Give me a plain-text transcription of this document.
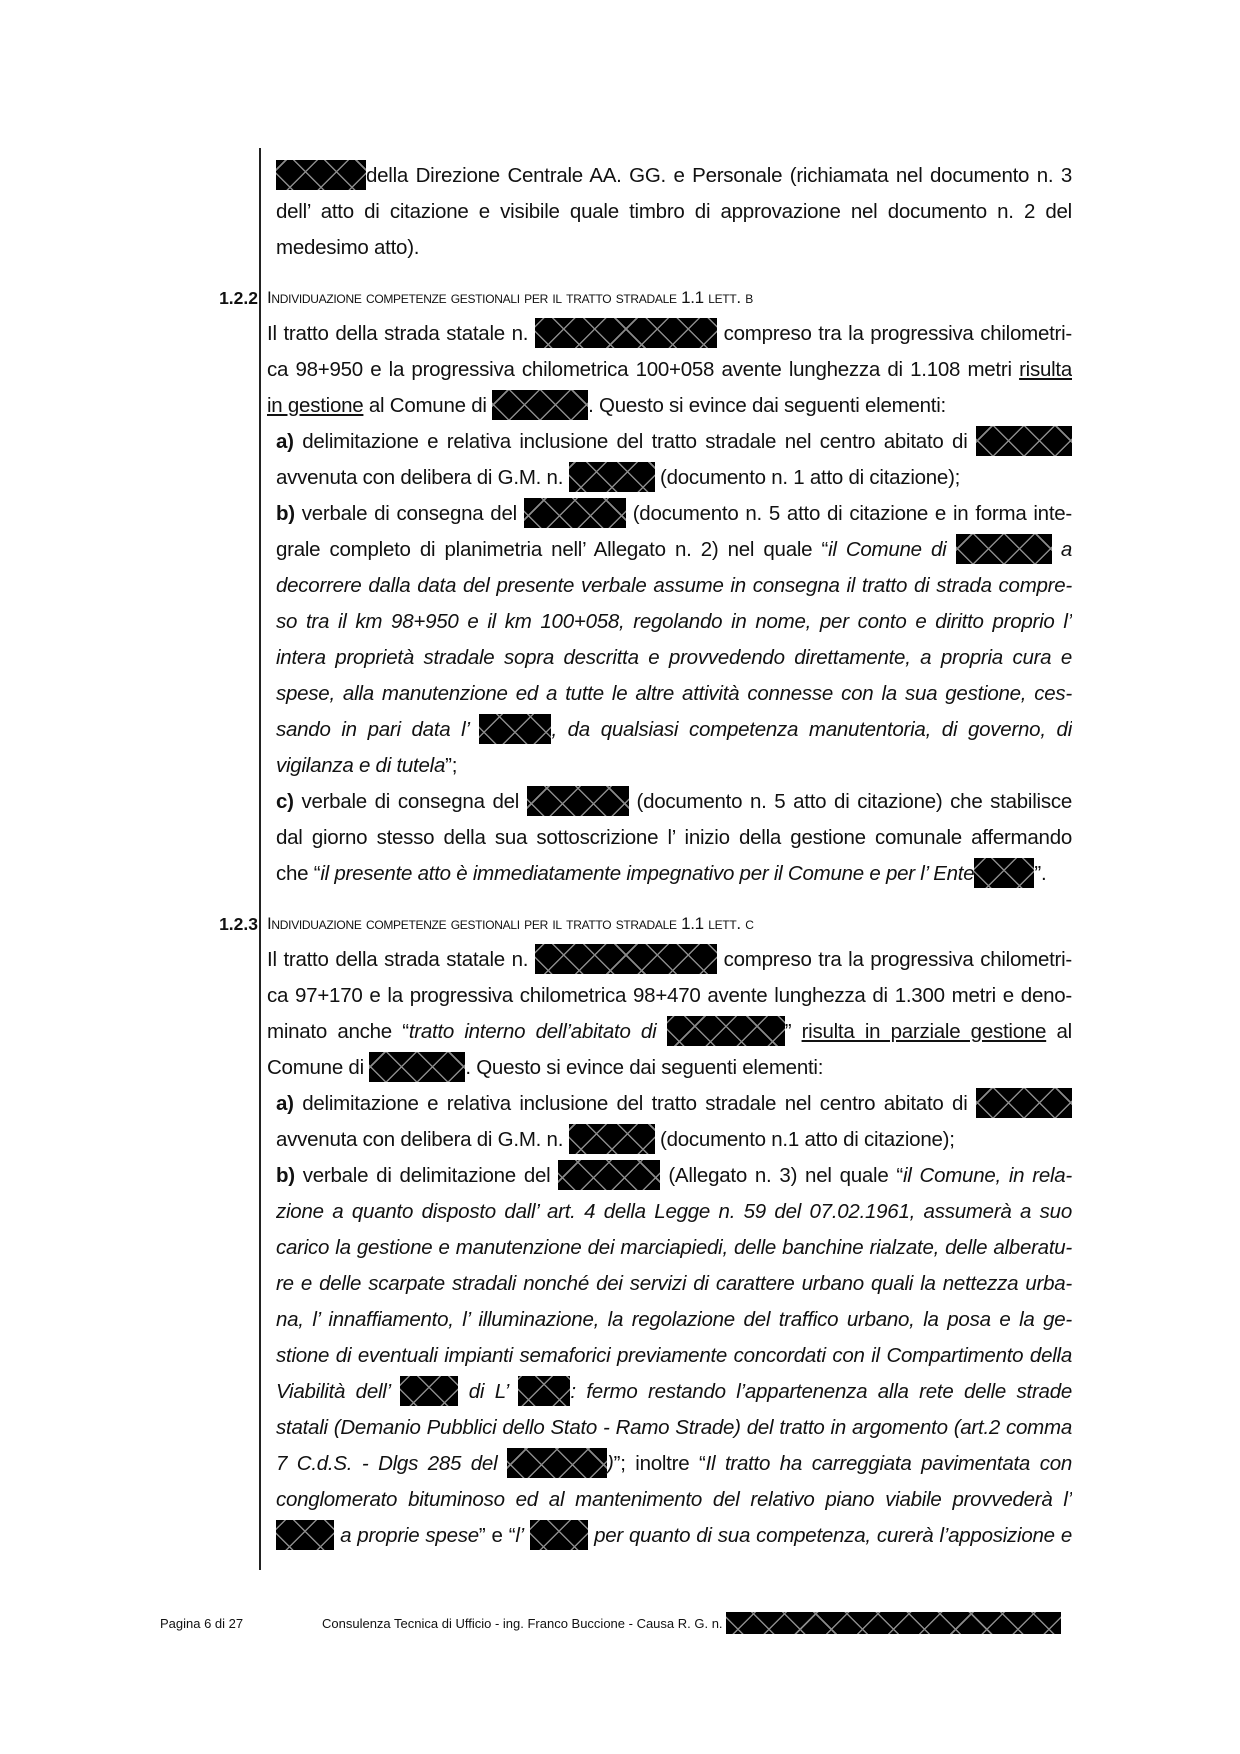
della Direzione Centrale AA. GG. e Personale (richiamata nel documento n. 3
dell’ atto di citazione e visibile quale timbro di approvazione nel documento n. 2 del
medesimo atto).
1.2.2 Individuazione competenze gestionali per il tratto stradale 1.1 lett. b
Il tratto della strada statale n.	compreso tra la progressiva chilometri-
ca 98+950 e la progressiva chilometrica 100+058 avente lunghezza di 1.108 metri risulta
in gestione al Comune di	. Questo si evince dai seguenti elementi:
a) delimitazione e relativa inclusione del tratto stradale nel centro abitato di
avvenuta con delibera di G.M. n.	(documento n. 1 atto di citazione);
b) verbale di consegna del	(documento n. 5 atto di citazione e in forma inte-
grale completo di planimetria nell’ Allegato n. 2) nel quale “il Comune di	a
decorrere dalla data del presente verbale assume in consegna il tratto di strada compre-
so tra il km 98+950 e il km 100+058, regolando in nome, per conto e diritto proprio l’
intera proprietà stradale sopra descritta e provvedendo direttamente, a propria cura e
spese, alla manutenzione ed a tutte le altre attività connesse con la sua gestione, ces-
sando in pari data l’	, da qualsiasi competenza manutentoria, di governo, di
vigilanza e di tutela”;
c) verbale di consegna del	(documento n. 5 atto di citazione) che stabilisce
dal giorno stesso della sua sottoscrizione l’ inizio della gestione comunale affermando
che “il presente atto è immediatamente impegnativo per il Comune e per l’ Ente	”.
1.2.3 Individuazione competenze gestionali per il tratto stradale 1.1 lett. c
Il tratto della strada statale n.	compreso tra la progressiva chilometri-
ca 97+170 e la progressiva chilometrica 98+470 avente lunghezza di 1.300 metri e deno-
minato anche “tratto interno dell’abitato di	” risulta in parziale gestione al
Comune di	. Questo si evince dai seguenti elementi:
a) delimitazione e relativa inclusione del tratto stradale nel centro abitato di
avvenuta con delibera di G.M. n.	(documento n.1 atto di citazione);
b) verbale di delimitazione del	(Allegato n. 3) nel quale “il Comune, in rela-
zione a quanto disposto dall’ art. 4 della Legge n. 59 del 07.02.1961, assumerà a suo
carico la gestione e manutenzione dei marciapiedi, delle banchine rialzate, delle alberatu-
re e delle scarpate stradali nonché dei servizi di carattere urbano quali la nettezza urba-
na, l’ innaffiamento, l’ illuminazione, la regolazione del traffico urbano, la posa e la ge-
stione di eventuali impianti semaforici previamente concordati con il Compartimento della
Viabilità dell’	di L’	: fermo restando l’appartenenza alla rete delle strade
statali (Demanio Pubblici dello Stato - Ramo Strade) del tratto in argomento (art.2 comma
7 C.d.S. - Dlgs 285 del	)”; inoltre “Il tratto ha carreggiata pavimentata con
conglomerato bituminoso ed al mantenimento del relativo piano viabile provvederà l’
a proprie spese” e “l’	per quanto di sua competenza, curerà l’apposizione e
Pagina 6 di 27	Consulenza Tecnica di Ufficio - ing. Franco Buccione - Causa R. G. n.
